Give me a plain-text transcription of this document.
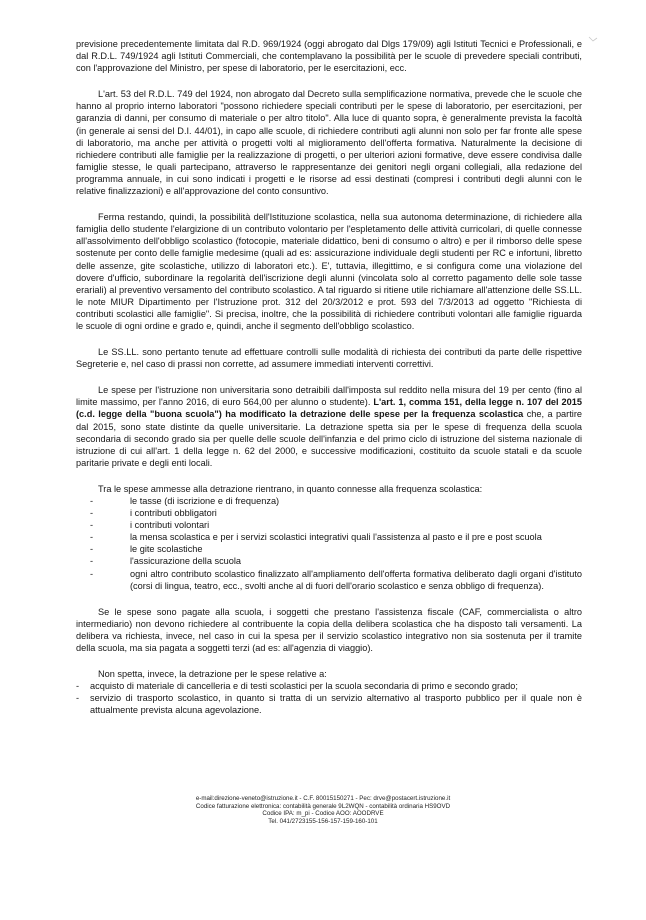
previsione precedentemente limitata dal R.D. 969/1924 (oggi abrogato dal Dlgs 179/09) agli Istituti Tecnici e Professionali, e dal R.D.L. 749/1924 agli Istituti Commerciali, che contemplavano la possibilità per le scuole di prevedere speciali contributi, con l'approvazione del Ministro, per spese di laboratorio, per le esercitazioni, ecc.

L'art. 53 del R.D.L. 749 del 1924, non abrogato dal Decreto sulla semplificazione normativa, prevede che le scuole che hanno al proprio interno laboratori "possono richiedere speciali contributi per le spese di laboratorio, per esercitazioni, per garanzia di danni, per consumo di materiale o per altro titolo". Alla luce di quanto sopra, è generalmente prevista la facoltà (in generale ai sensi del D.I. 44/01), in capo alle scuole, di richiedere contributi agli alunni non solo per far fronte alle spese di laboratorio, ma anche per attività o progetti volti al miglioramento dell'offerta formativa. Naturalmente la decisione di richiedere contributi alle famiglie per la realizzazione di progetti, o per ulteriori azioni formative, deve essere condivisa dalle famiglie stesse, le quali partecipano, attraverso le rappresentanze dei genitori negli organi collegiali, alla redazione del programma annuale, in cui sono indicati i progetti e le risorse ad essi destinati (compresi i contributi degli alunni con le relative finalizzazioni) e all'approvazione del conto consuntivo.

Ferma restando, quindi, la possibilità dell'Istituzione scolastica, nella sua autonoma determinazione, di richiedere alla famiglia dello studente l'elargizione di un contributo volontario per l'espletamento delle attività curricolari, di quelle connesse all'assolvimento dell'obbligo scolastico (fotocopie, materiale didattico, beni di consumo o altro) e per il rimborso delle spese sostenute per conto delle famiglie medesime (quali ad es: assicurazione individuale degli studenti per RC e infortuni, libretto delle assenze, gite scolastiche, utilizzo di laboratori etc.). E', tuttavia, illegittimo, e si configura come una violazione del dovere d'ufficio, subordinare la regolarità dell'iscrizione degli alunni (vincolata solo al corretto pagamento delle sole tasse erariali) al preventivo versamento del contributo scolastico. A tal riguardo si ritiene utile richiamare all'attenzione delle SS.LL. le note MIUR Dipartimento per l'Istruzione prot. 312 del 20/3/2012 e prot. 593 del 7/3/2013 ad oggetto "Richiesta di contributi scolastici alle famiglie". Si precisa, inoltre, che la possibilità di richiedere contributi volontari alle famiglie riguarda le scuole di ogni ordine e grado e, quindi, anche il segmento dell'obbligo scolastico.

Le SS.LL. sono pertanto tenute ad effettuare controlli sulle modalità di richiesta dei contributi da parte delle rispettive Segreterie e, nel caso di prassi non corrette, ad assumere immediati interventi correttivi.

Le spese per l'istruzione non universitaria sono detraibili dall'imposta sul reddito nella misura del 19 per cento (fino al limite massimo, per l'anno 2016, di euro 564,00 per alunno o studente). L'art. 1, comma 151, della legge n. 107 del 2015 (c.d. legge della "buona scuola") ha modificato la detrazione delle spese per la frequenza scolastica che, a partire dal 2015, sono state distinte da quelle universitarie. La detrazione spetta sia per le spese di frequenza della scuola secondaria di secondo grado sia per quelle delle scuole dell'infanzia e del primo ciclo di istruzione del sistema nazionale di istruzione di cui all'art. 1 della legge n. 62 del 2000, e successive modificazioni, costituito da scuole statali e da scuole paritarie private e degli enti locali.

Tra le spese ammesse alla detrazione rientrano, in quanto connesse alla frequenza scolastica:

- le tasse (di iscrizione e di frequenza)
- i contributi obbligatori
- i contributi volontari
- la mensa scolastica e per i servizi scolastici integrativi quali l'assistenza al pasto e il pre e post scuola
- le gite scolastiche
- l'assicurazione della scuola
- ogni altro contributo scolastico finalizzato all'ampliamento dell'offerta formativa deliberato dagli organi d'istituto (corsi di lingua, teatro, ecc., svolti anche al di fuori dell'orario scolastico e senza obbligo di frequenza).

Se le spese sono pagate alla scuola, i soggetti che prestano l'assistenza fiscale (CAF, commercialista o altro intermediario) non devono richiedere al contribuente la copia della delibera scolastica che ha disposto tali versamenti. La delibera va richiesta, invece, nel caso in cui la spesa per il servizio scolastico integrativo non sia sostenuta per il tramite della scuola, ma sia pagata a soggetti terzi (ad es: all'agenzia di viaggio).

Non spetta, invece, la detrazione per le spese relative a:

- acquisto di materiale di cancelleria e di testi scolastici per la scuola secondaria di primo e secondo grado;
- servizio di trasporto scolastico, in quanto si tratta di un servizio alternativo al trasporto pubblico per il quale non è attualmente prevista alcuna agevolazione.
e-mail:direzione-veneto@istruzione.it - C.F. 80015150271 - Pec: drve@postacert.istruzione.it
Codice fatturazione elettronica: contabilità generale 9L2WQN - contabilità ordinaria HS9OVD
Codice IPA: m_pi - Codice AOO: AOODRVE
Tel. 041/2723155-156-157-159-160-101
